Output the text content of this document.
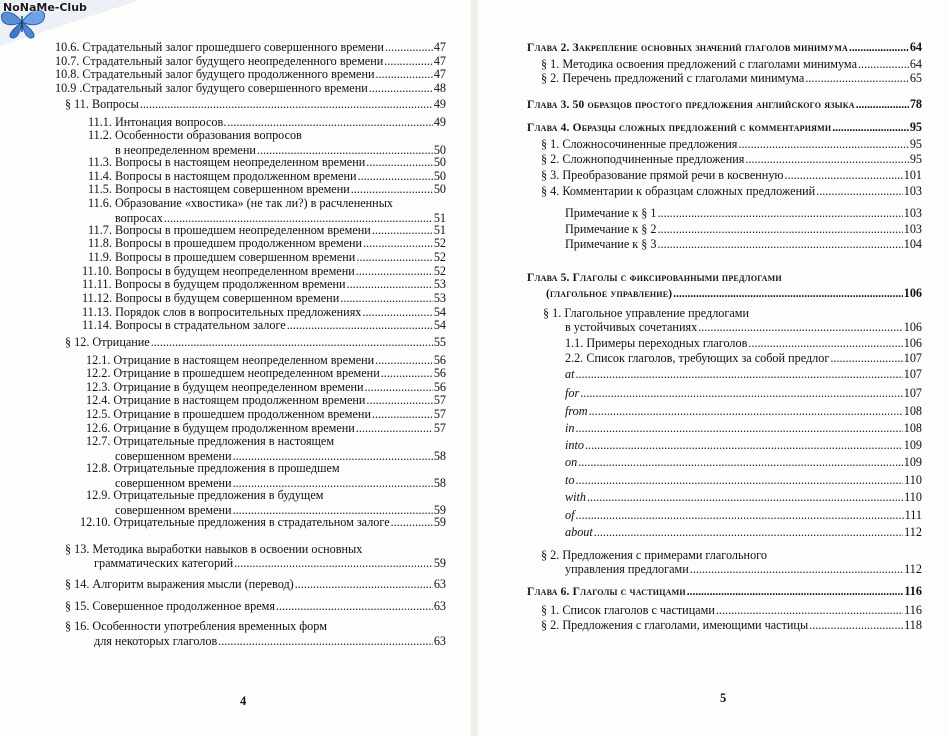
10.6. Страдательный залог прошедшего совершенного времени .....	47
10.7. Страдательный залог будущего неопределенного времени .....	47
10.8. Страдательный залог будущего продолженного времени .....	47
10.9 .Страдательный залог будущего совершенного времени .....	48
§ 11. Вопросы .....	49
11.1. Интонация вопросов. .....	49
11.2. Особенности образования вопросов
в неопределенном времени .....	50
11.3. Вопросы в настоящем неопределенном времени .....	50
11.4. Вопросы в настоящем продолженном времени .....	50
11.5. Вопросы в настоящем совершенном времени .....	50
11.6. Образование «хвостика» (не так ли?) в расчлененных
вопросах .....	51
11.7. Вопросы в прошедшем неопределенном времени .....	51
11.8. Вопросы в прошедшем продолженном времени .....	52
11.9. Вопросы в прошедшем совершенном времени .....	52
11.10. Вопросы в будущем неопределенном времени .....	52
11.11. Вопросы в будущем продолженном времени .....	53
11.12. Вопросы в будущем совершенном времени .....	53
11.13. Порядок слов в вопросительных предложениях .....	54
11.14. Вопросы в страдательном залоге .....	54
§ 12. Отрицание .....	55
12.1. Отрицание в настоящем неопределенном времени .....	56
12.2. Отрицание в прошедшем неопределенном времени .....	56
12.3. Отрицание в будущем неопределенном времени .....	56
12.4. Отрицание в настоящем продолженном времени .....	57
12.5. Отрицание в прошедшем продолженном времени .....	57
12.6. Отрицание в будущем продолженном времени .....	57
12.7. Отрицательные предложения в настоящем
совершенном времени .....	58
12.8. Отрицательные предложения в прошедшем
совершенном времени .....	58
12.9. Отрицательные предложения в будущем
совершенном времени .....	59
12.10. Отрицательные предложения в страдательном залоге .....	59
§ 13. Методика выработки навыков в освоении основных
грамматических категорий .....	59
§ 14. Алгоритм выражения мысли (перевод) .....	63
§ 15. Совершенное продолженное время .....	63
§ 16. Особенности употребления временных форм
для некоторых глаголов .....	63
Глава 2. Закрепление основных значений глаголов минимума .....	64
§ 1. Методика освоения предложений с глаголами минимума .....	64
§ 2. Перечень предложений с глаголами минимума .....	65
Глава 3. 50 образцов простого предложения английского языка .....	78
Глава 4. Образцы сложных предложений с комментариями .....	95
§ 1. Сложносочиненные предложения .....	95
§ 2. Сложноподчиненные предложения .....	95
§ 3. Преобразование прямой речи в косвенную .....	101
§ 4. Комментарии к образцам сложных предложений .....	103
Примечание к § 1 .....	103
Примечание к § 2 .....	103
Примечание к § 3 .....	104
Глава 5. Глаголы с фиксированными предлогами
(глагольное управление) .....	106
§ 1. Глагольное управление предлогами
в устойчивых сочетаниях .....	106
1.1. Примеры переходных глаголов .....	106
2.2. Список глаголов, требующих за собой предлог .....	107
at .....	107
for .....	107
from .....	108
in .....	108
into .....	109
on .....	109
to .....	110
with .....	110
of .....	111
about .....	112
§ 2. Предложения с примерами глагольного
управления предлогами .....	112
Глава 6. Глаголы с частицами .....	116
§ 1. Список глаголов с частицами .....	116
§ 2. Предложения с глаголами, имеющими частицы .....	118
4	5
NoNaMe-Club
